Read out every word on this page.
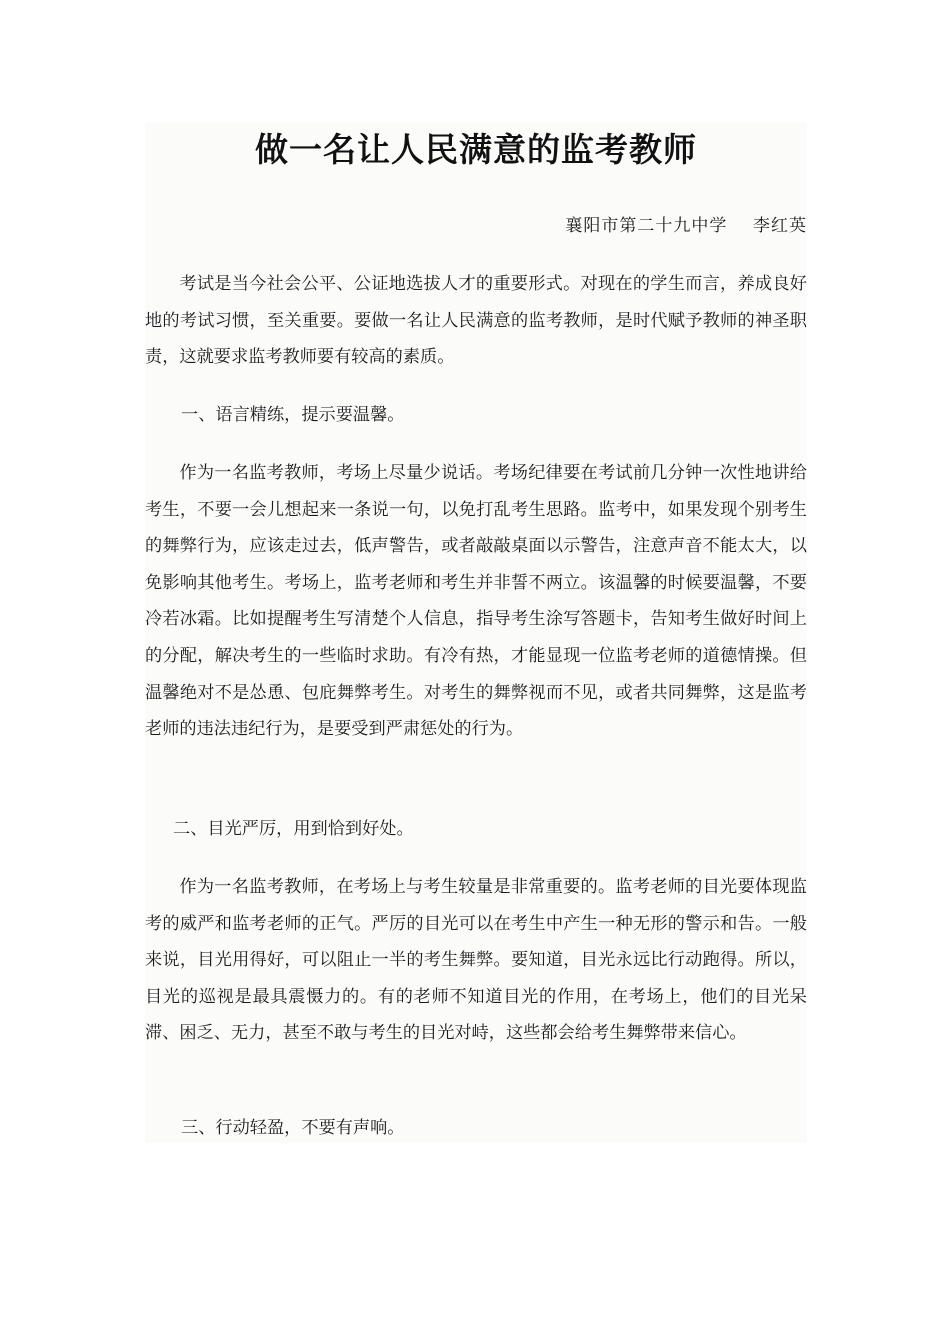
做一名让人民满意的监考教师
襄阳市第二十九中学    李红英

考试是当今社会公平、公证地选拔人才的重要形式。对现在的学生而言，养成良好地的考试习惯，至关重要。要做一名让人民满意的监考教师，是时代赋予教师的神圣职责，这就要求监考教师要有较高的素质。

一、语言精练，提示要温馨。

作为一名监考教师，考场上尽量少说话。考场纪律要在考试前几分钟一次性地讲给考生，不要一会儿想起来一条说一句，以免打乱考生思路。监考中，如果发现个别考生的舞弊行为，应该走过去，低声警告，或者敲敲桌面以示警告，注意声音不能太大，以免影响其他考生。考场上，监考老师和考生并非誓不两立。该温馨的时候要温馨，不要冷若冰霜。比如提醒考生写清楚个人信息，指导考生涂写答题卡，告知考生做好时间上的分配，解决考生的一些临时求助。有冷有热，才能显现一位监考老师的道德情操。但温馨绝对不是怂恿、包庇舞弊考生。对考生的舞弊视而不见，或者共同舞弊，这是监考老师的违法违纪行为，是要受到严肃惩处的行为。

二、目光严厉，用到恰到好处。

作为一名监考教师，在考场上与考生较量是非常重要的。监考老师的目光要体现监考的威严和监考老师的正气。严厉的目光可以在考生中产生一种无形的警示和告。一般来说，目光用得好，可以阻止一半的考生舞弊。要知道，目光永远比行动跑得。所以，目光的巡视是最具震慑力的。有的老师不知道目光的作用，在考场上，他们的目光呆滞、困乏、无力，甚至不敢与考生的目光对峙，这些都会给考生舞弊带来信心。

三、行动轻盈，不要有声响。
